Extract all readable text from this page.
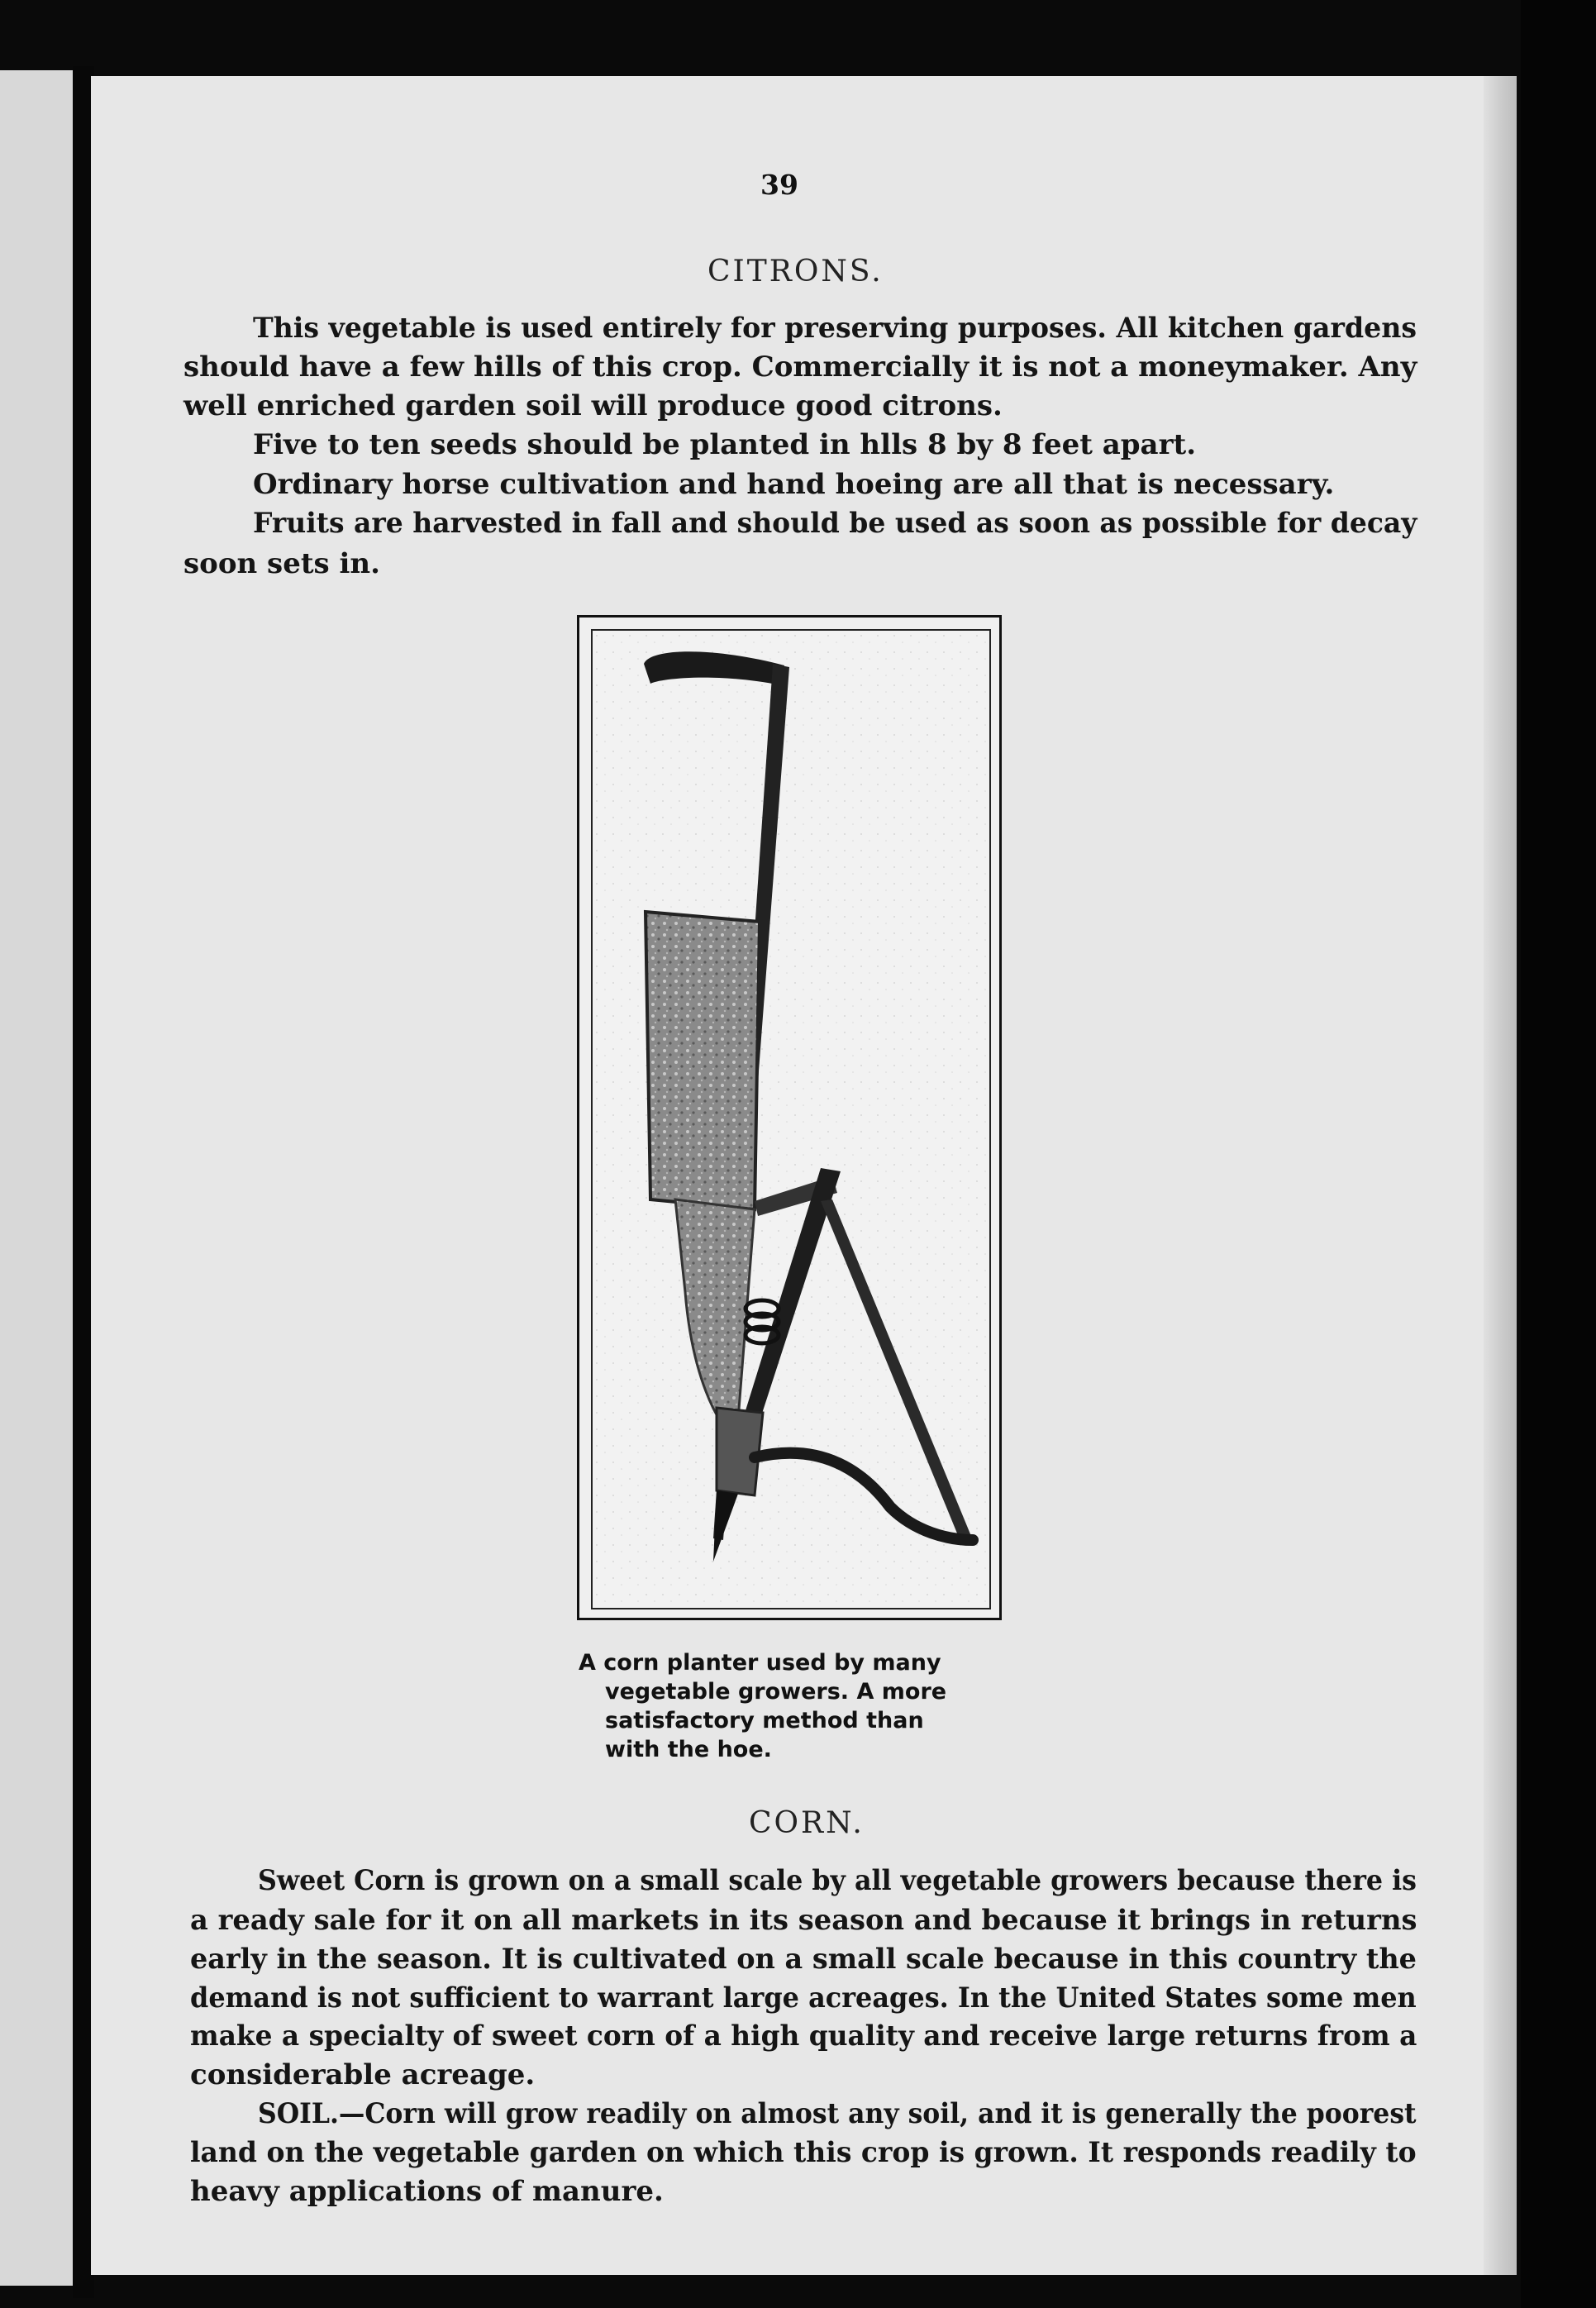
39
CITRONS.
This vegetable is used entirely for preserving purposes. All kitchen gardens
should have a few hills of this crop. Commercially it is not a moneymaker. Any
well enriched garden soil will produce good citrons.
Five to ten seeds should be planted in hlls 8 by 8 feet apart.
Ordinary horse cultivation and hand hoeing are all that is necessary.
Fruits are harvested in fall and should be used as soon as possible for decay
soon sets in.
A corn planter used by many
vegetable growers. A more
satisfactory method than
with the hoe.
CORN.
Sweet Corn is grown on a small scale by all vegetable growers because there is
a ready sale for it on all markets in its season and because it brings in returns
early in the season. It is cultivated on a small scale because in this country the
demand is not sufficient to warrant large acreages. In the United States some men
make a specialty of sweet corn of a high quality and receive large returns from a
considerable acreage.
SOIL.—Corn will grow readily on almost any soil, and it is generally the poorest
land on the vegetable garden on which this crop is grown. It responds readily to
heavy applications of manure.
